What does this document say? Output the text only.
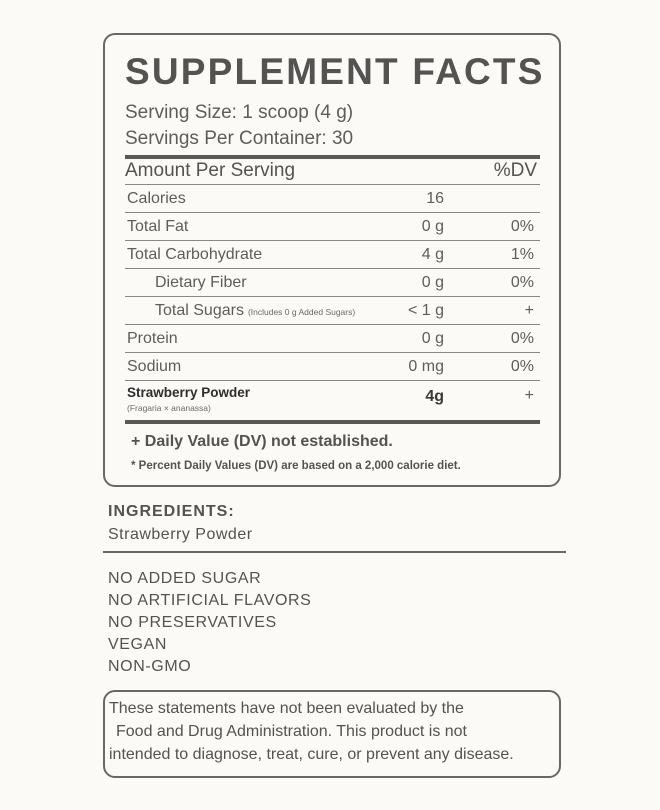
SUPPLEMENT FACTS
Serving Size: 1 scoop (4 g)
Servings Per Container: 30
Amount Per Serving	%DV
Calories	16
Total Fat	0 g	0%
Total Carbohydrate	4 g	1%
Dietary Fiber	0 g	0%
Total Sugars (Includes 0 g Added Sugars)	< 1 g	+
Protein	0 g	0%
Sodium	0 mg	0%
Strawberry Powder
(Fragaria × ananassa)
4g	+
+ Daily Value (DV) not established.
* Percent Daily Values (DV) are based on a 2,000 calorie diet.
INGREDIENTS:
Strawberry Powder
NO ADDED SUGAR
NO ARTIFICIAL FLAVORS
NO PRESERVATIVES
VEGAN
NON-GMO
These statements have not been evaluated by the
Food and Drug Administration. This product is not
intended to diagnose, treat, cure, or prevent any disease.
